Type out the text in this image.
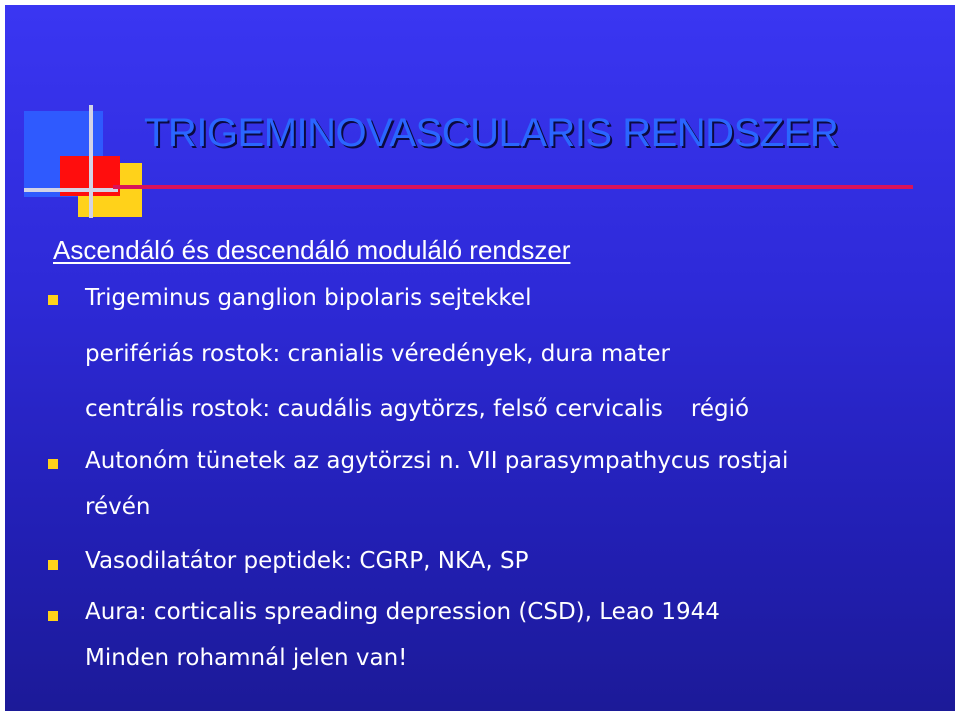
TRIGEMINOVASCULARIS RENDSZER

Ascendáló és descendáló moduláló rendszer

Trigeminus ganglion bipolaris sejtekkel

perifériás rostok: cranialis véredények, dura mater

centrális rostok: caudális agytörzs, felső cervicalis régió

Autonóm tünetek az agytörzsi n. VII parasympathycus rostjai

révén

Vasodilatátor peptidek: CGRP, NKA, SP

Aura: corticalis spreading depression (CSD), Leao 1944

Minden rohamnál jelen van!
